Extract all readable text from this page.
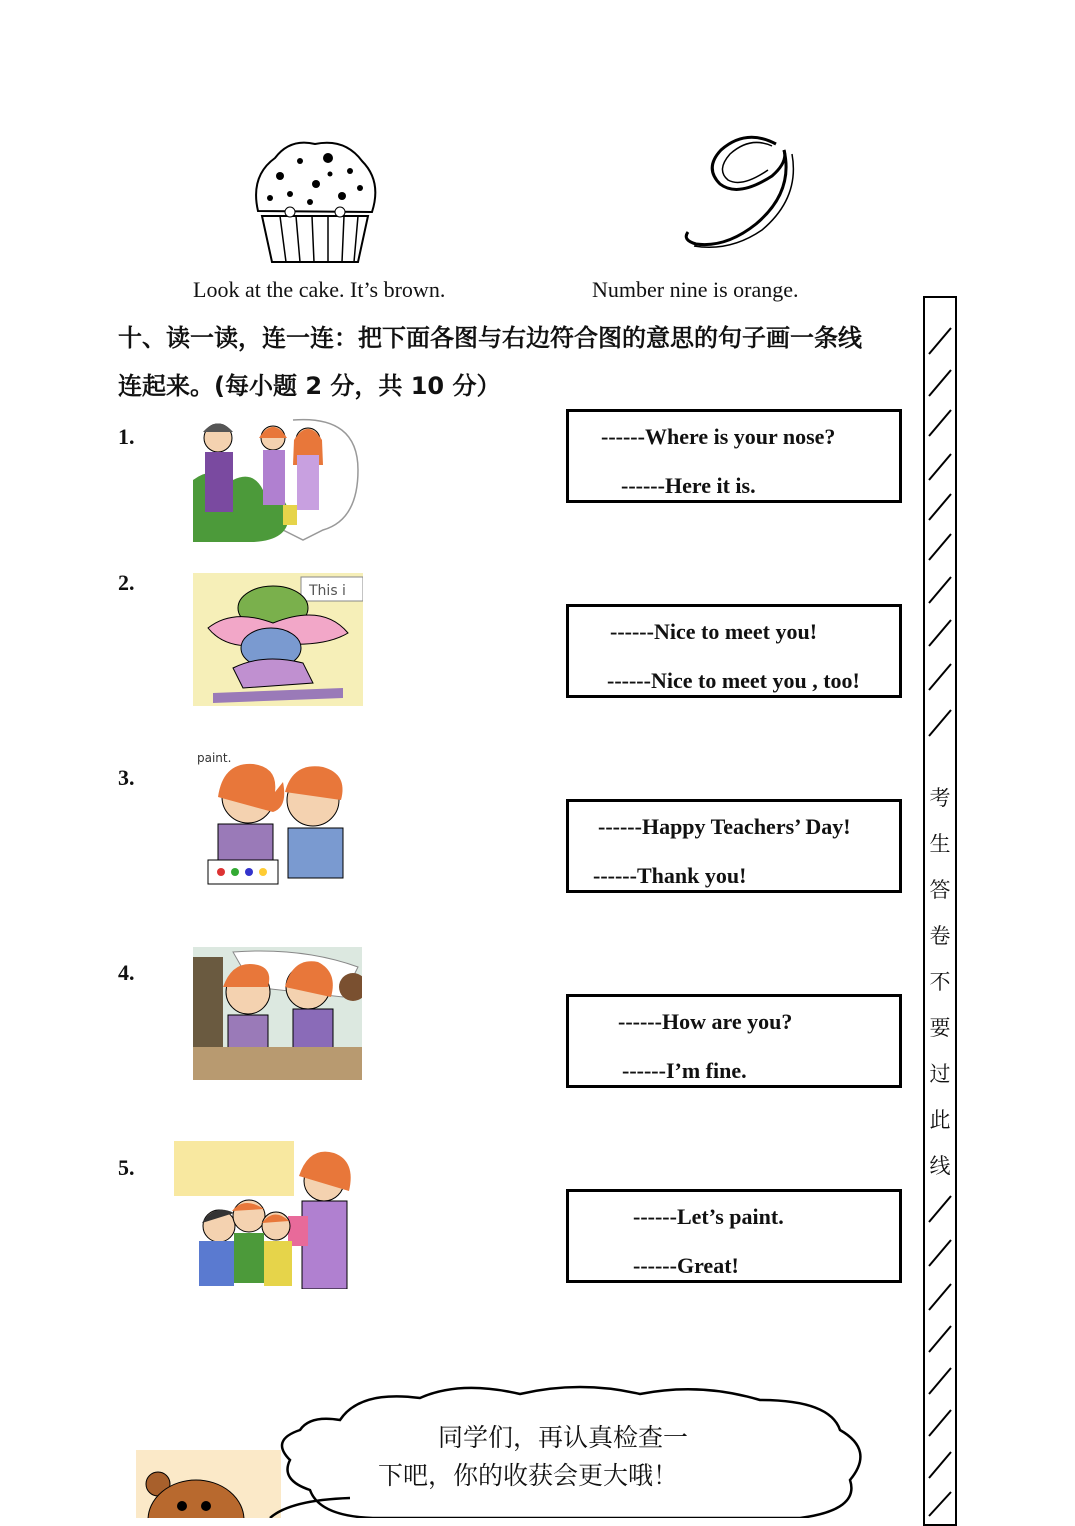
Look at the cake. It’s brown.	Number nine is orange.
十、读一读，连一连：把下面各图与右边符合图的意思的句子画一条线
连起来。(每小题 2 分，共 10 分）
1.
2.
3.
4.
5.
This i
paint.
------Where is your nose?
------Here it is.
------Nice to meet you!
------Nice to meet you , too!
------Happy Teachers’ Day!
------Thank you!
------How are you?
------I’m fine.
------Let’s paint.
------Great!
考
生
答
卷
不
要
过
此
线
同学们，再认真检查一
下吧，你的收获会更大哦！
